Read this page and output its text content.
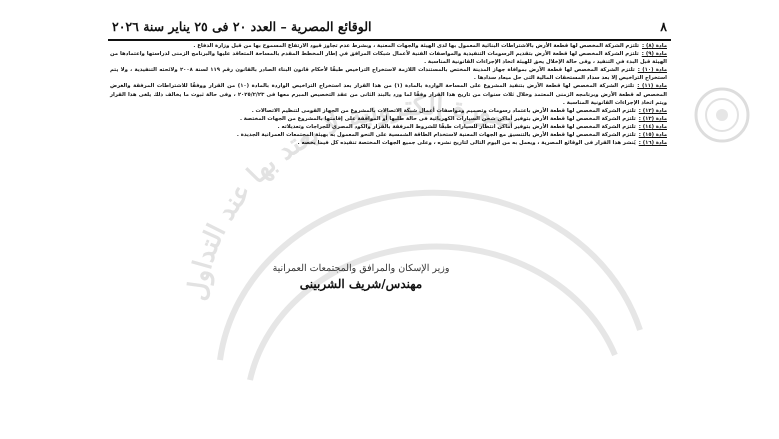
صورة إلكترونية لا يعتد بها عند التداول
٨
الوقائع المصرية – العدد ٢٠ فى ٢٥ يناير سنة ٢٠٢٦

مادة (٨) :تلتزم الشركة المخصص لها قطعة الأرض بالاشتراطات البنائية المعمول بها لدى الهيئة والجهات المعنية ، وبشرط عدم تجاوز قيود الارتفاع المسموح بها من قبل وزارة الدفاع .

مادة (٩) :تلتزم الشركة المخصص لها قطعة الأرض بتقديم الرسومات التنفيذية والمواصفات الفنية لأعمال شبكات المرافق في إطار المخطط المقدم بالمساحة المتعاقد عليها والبرنامج الزمنى لدراستها واعتمادها من الهيئة قبل البدء في التنفيذ ، وفى حالة الإخلال يحق للهيئة اتخاذ الإجراءات القانونية المناسبة .

مادة (١٠) :تلتزم الشركة المخصص لها قطعة الأرض بموافاة جهاز المدينة المختص بالمستندات اللازمة لاستخراج التراخيص طبقًا لأحكام قانون البناء الصادر بالقانون رقم ١١٩ لسنة ٢٠٠٨ ولائحته التنفيذية ، ولا يتم استخراج التراخيص إلا بعد سداد المستحقات المالية التى حل ميعاد سدادها .

مادة (١١) :تلتزم الشركة المخصص لها قطعة الأرض بتنفيذ المشروع على المساحة الواردة بالمادة (١) من هذا القرار بعد استخراج التراخيص الواردة بالمادة (١٠) من القرار ووفقًا للاشتراطات المرفقة والغرض المخصص له قطعة الأرض وبرنامجه الزمنى المعتمد وخلال ثلاث سنوات من تاريخ هذا القرار وفقًا لما ورد بالبند الثانى من عقد التخصيص المبرم معها فى ٢٠٢٥/٢/٢٣ ، وفى حالة ثبوت ما يخالف ذلك يلغى هذا القرار ويتم اتخاذ الإجراءات القانونية المناسبة .

مادة (١٢) :تلتزم الشركة المخصص لها قطعة الأرض باعتماد رسومات وتصميم ومواصفات أعمال شبكة الاتصالات بالمشروع من الجهاز القومى لتنظيم الاتصالات .

مادة (١٣) :تلتزم الشركة المخصص لها قطعة الأرض بتوفير أماكن شحن السيارات الكهربائية فى حالة طلبها أو الموافقة على إقامتها بالمشروع من الجهات المختصة .

مادة (١٤) :تلتزم الشركة المخصص لها قطعة الأرض بتوفير أماكن انتظار للسيارات طبقًا للشروط المرفقة بالقرار والكود المصرى للجراجات وتعديلاته .

مادة (١٥) :تلتزم الشركة المخصص لها قطعة الأرض بالتنسيق مع الجهات المعنية لاستخدام الطاقة الشمسية على النحو المعمول به بهيئة المجتمعات العمرانية الجديدة .

مادة (١٦) :يُنشر هذا القرار فى الوقائع المصرية ، ويعمل به من اليوم التالى لتاريخ نشره ، وعلى جميع الجهات المختصة تنفيذه كل فيما يخصه .

وزير الإسكان والمرافق والمجتمعات العمرانية
مهندس/شريف الشربينى
